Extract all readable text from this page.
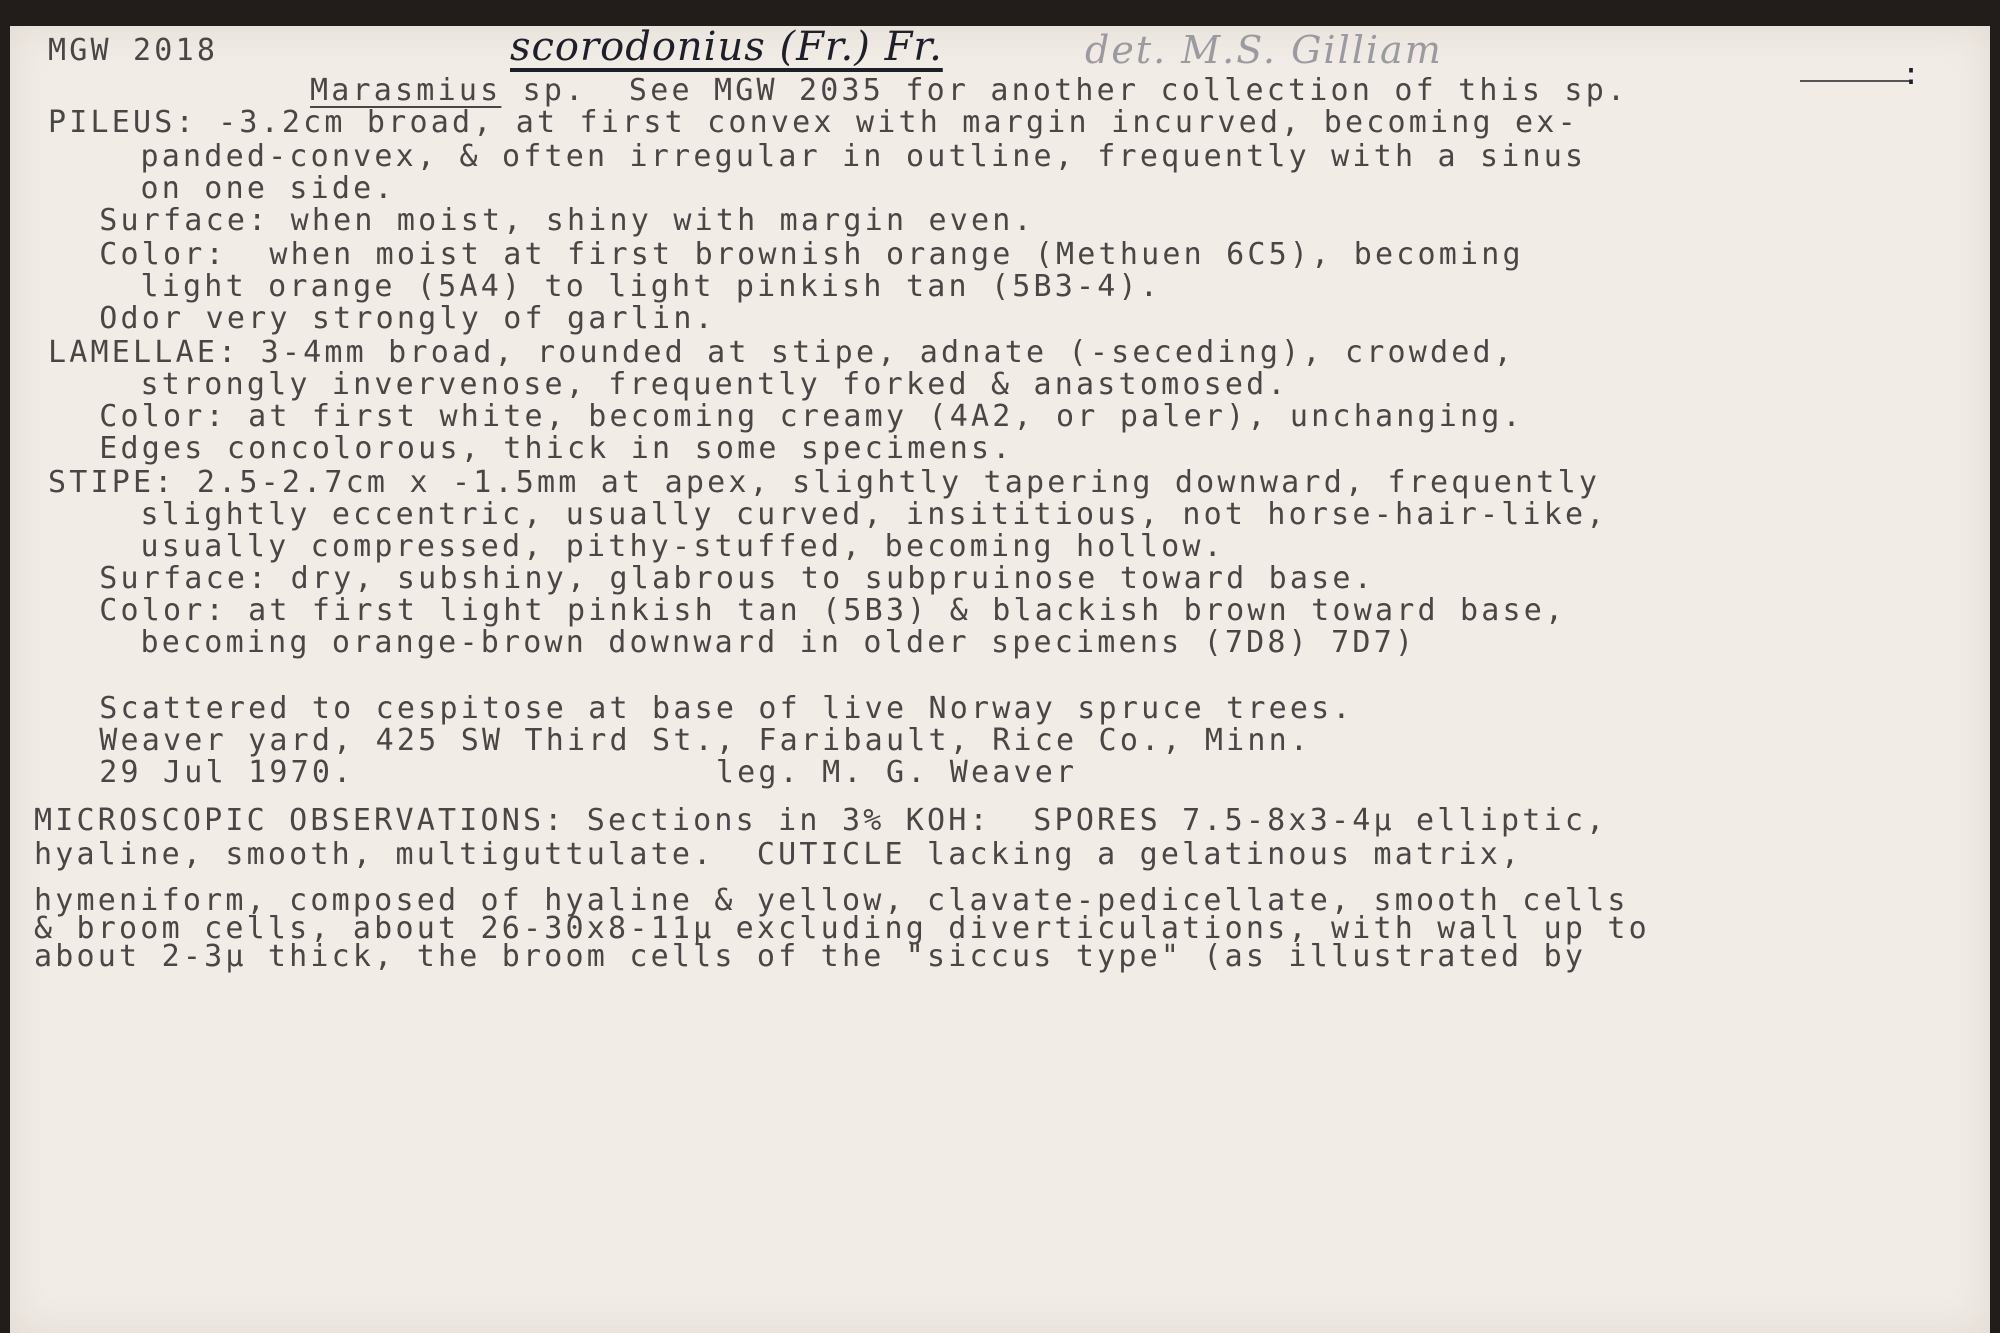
MGW 2018	scorodonius (Fr.) Fr.	det. M.S. Gilliam
:
Marasmius sp.  See MGW 2035 for another collection of this sp.
PILEUS: -3.2cm broad, at first convex with margin incurved, becoming ex-
panded-convex, & often irregular in outline, frequently with a sinus
on one side.
Surface: when moist, shiny with margin even.
Color:  when moist at first brownish orange (Methuen 6C5), becoming
light orange (5A4) to light pinkish tan (5B3-4).
Odor very strongly of garlin.
LAMELLAE: 3-4mm broad, rounded at stipe, adnate (-seceding), crowded,
strongly invervenose, frequently forked & anastomosed.
Color: at first white, becoming creamy (4A2, or paler), unchanging.
Edges concolorous, thick in some specimens.
STIPE: 2.5-2.7cm x -1.5mm at apex, slightly tapering downward, frequently
slightly eccentric, usually curved, insititious, not horse-hair-like,
usually compressed, pithy-stuffed, becoming hollow.
Surface: dry, subshiny, glabrous to subpruinose toward base.
Color: at first light pinkish tan (5B3) & blackish brown toward base,
becoming orange-brown downward in older specimens (7D8) 7D7)
Scattered to cespitose at base of live Norway spruce trees.
Weaver yard, 425 SW Third St., Faribault, Rice Co., Minn.
29 Jul 1970.                 leg. M. G. Weaver
MICROSCOPIC OBSERVATIONS: Sections in 3% KOH:  SPORES 7.5-8x3-4µ elliptic,
hyaline, smooth, multiguttulate.  CUTICLE lacking a gelatinous matrix,
hymeniform, composed of hyaline & yellow, clavate-pedicellate, smooth cells
& broom cells, about 26-30x8-11µ excluding diverticulations, with wall up to
about 2-3µ thick, the broom cells of the "siccus type" (as illustrated by
